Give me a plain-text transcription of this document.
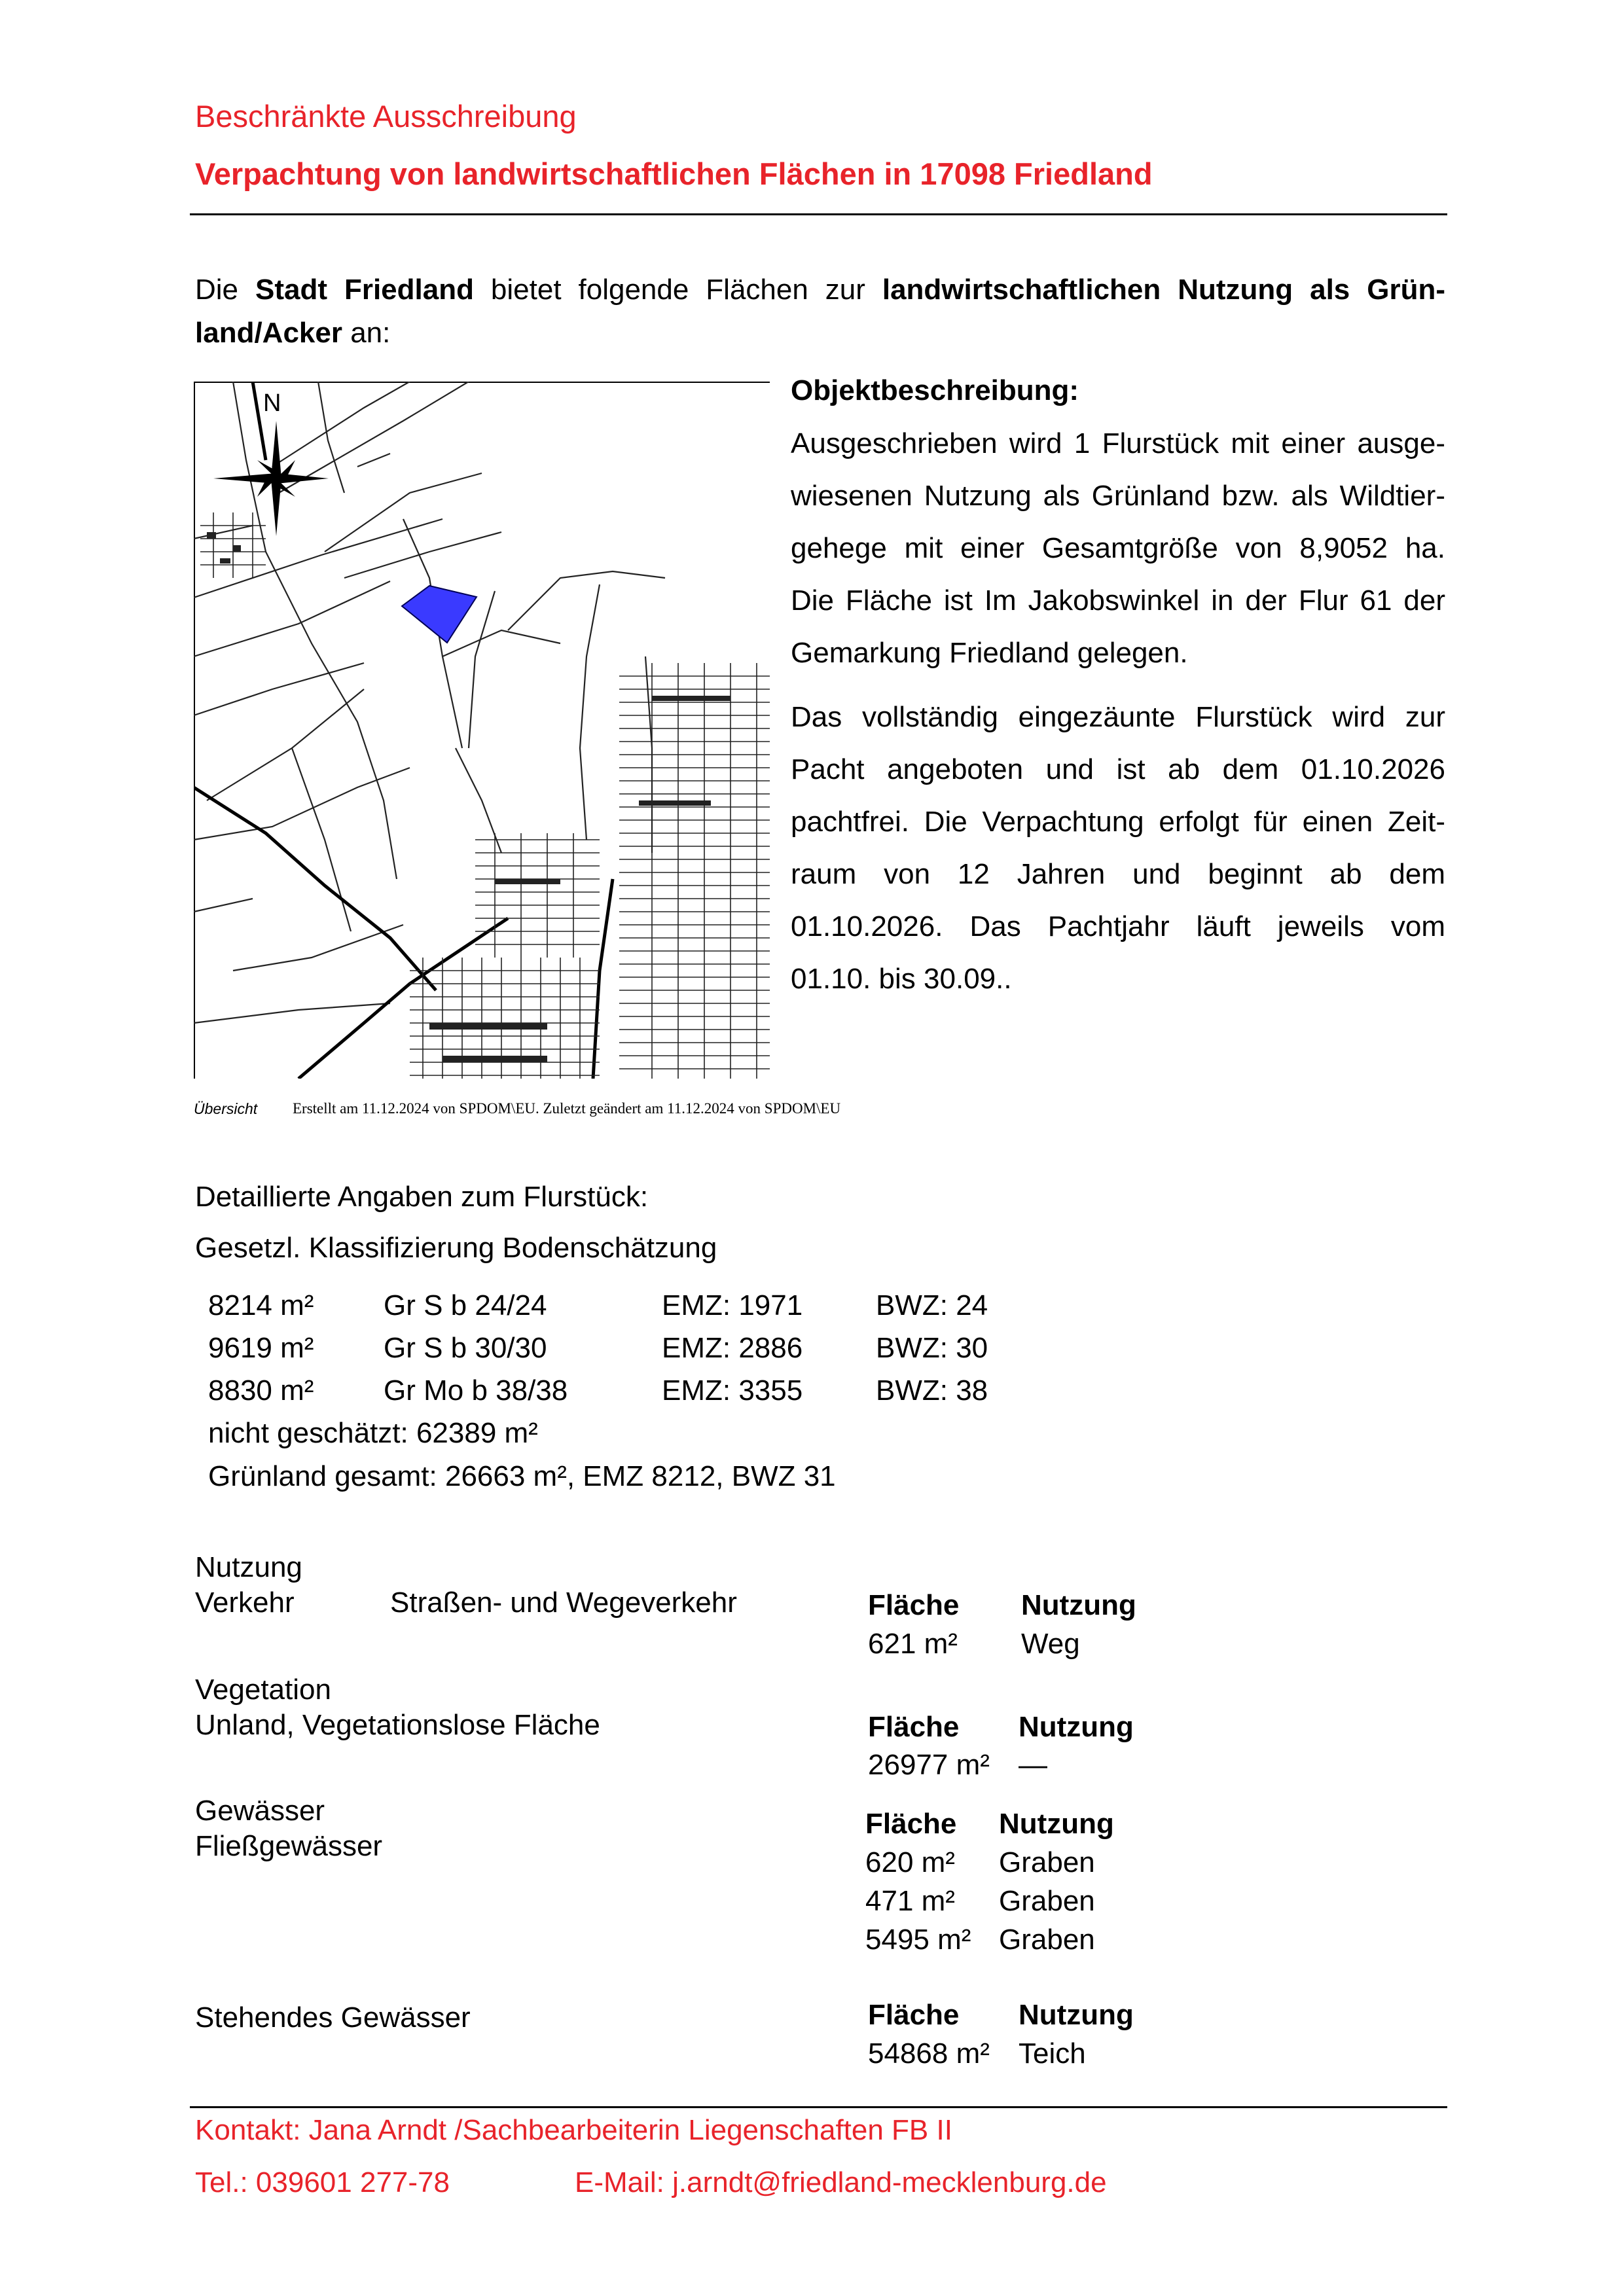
Beschränkte Ausschreibung
Verpachtung von landwirtschaftlichen Flächen in 17098 Friedland
Die Stadt Friedland bietet folgende Flächen zur landwirtschaftlichen Nutzung als Grün-
land/Acker an:
N
Übersicht Erstellt am 11.12.2024 von SPDOM\EU. Zuletzt geändert am 11.12.2024 von SPDOM\EU
Objektbeschreibung:
Ausgeschrieben wird 1 Flurstück mit einer ausge-
wiesenen Nutzung als Grünland bzw. als Wildtier-
gehege mit einer Gesamtgröße von 8,9052 ha.
Die Fläche ist Im Jakobswinkel in der Flur 61 der
Gemarkung Friedland gelegen.
Das vollständig eingezäunte Flurstück wird zur
Pacht angeboten und ist ab dem 01.10.2026
pachtfrei. Die Verpachtung erfolgt für einen Zeit-
raum von 12 Jahren und beginnt ab dem
01.10.2026. Das Pachtjahr läuft jeweils vom
01.10. bis 30.09..
Detaillierte Angaben zum Flurstück:
Gesetzl. Klassifizierung Bodenschätzung
8214 m² Gr S b 24/24	EMZ: 1971	BWZ: 24
9619 m² Gr S b 30/30	EMZ: 2886	BWZ: 30
8830 m² Gr Mo b 38/38	EMZ: 3355	BWZ: 38
nicht geschätzt: 62389 m²
Grünland gesamt: 26663 m², EMZ 8212, BWZ 31
Nutzung
Verkehr	Straßen- und Wegeverkehr	Fläche Nutzung
621 m² Weg
Vegetation
Unland, Vegetationslose Fläche	Fläche Nutzung
26977 m² —
Gewässer
Fließgewässer
Fläche Nutzung
620 m² Graben
471 m² Graben
5495 m² Graben
Stehendes Gewässer	Fläche Nutzung
54868 m² Teich
Kontakt: Jana Arndt /Sachbearbeiterin Liegenschaften FB II
Tel.: 039601 277-78	E-Mail: j.arndt@friedland-mecklenburg.de
